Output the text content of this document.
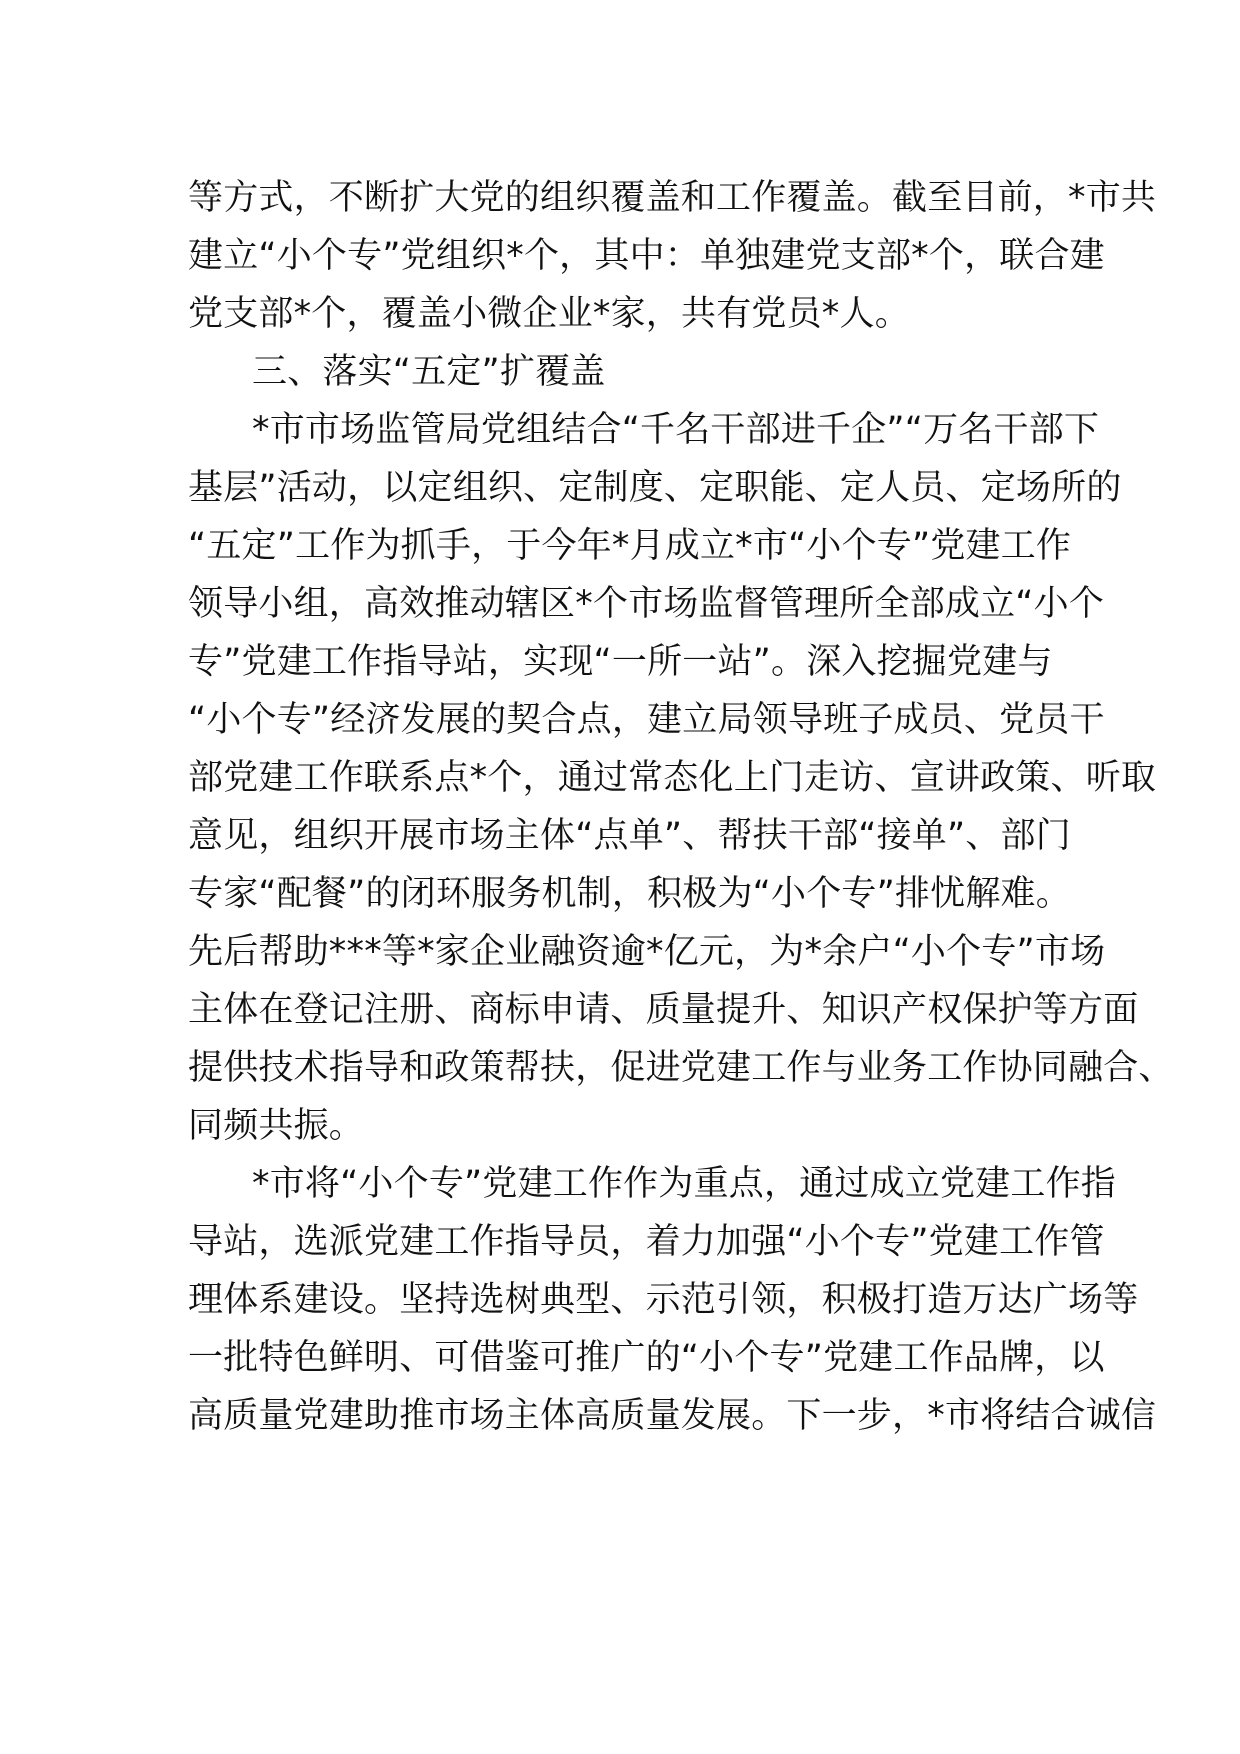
等方式，不断扩大党的组织覆盖和工作覆盖。截至目前，*市共
建立“小个专”党组织*个，其中：单独建党支部*个，联合建
党支部*个，覆盖小微企业*家，共有党员*人。
三、落实“五定”扩覆盖
*市市场监管局党组结合“千名干部进千企”“万名干部下
基层”活动，以定组织、定制度、定职能、定人员、定场所的
“五定”工作为抓手，于今年*月成立*市“小个专”党建工作
领导小组，高效推动辖区*个市场监督管理所全部成立“小个
专”党建工作指导站，实现“一所一站”。深入挖掘党建与
“小个专”经济发展的契合点，建立局领导班子成员、党员干
部党建工作联系点*个，通过常态化上门走访、宣讲政策、听取
意见，组织开展市场主体“点单”、帮扶干部“接单”、部门
专家“配餐”的闭环服务机制，积极为“小个专”排忧解难。
先后帮助***等*家企业融资逾*亿元，为*余户“小个专”市场
主体在登记注册、商标申请、质量提升、知识产权保护等方面
提供技术指导和政策帮扶，促进党建工作与业务工作协同融合、
同频共振。
*市将“小个专”党建工作作为重点，通过成立党建工作指
导站，选派党建工作指导员，着力加强“小个专”党建工作管
理体系建设。坚持选树典型、示范引领，积极打造万达广场等
一批特色鲜明、可借鉴可推广的“小个专”党建工作品牌，以
高质量党建助推市场主体高质量发展。下一步，*市将结合诚信
